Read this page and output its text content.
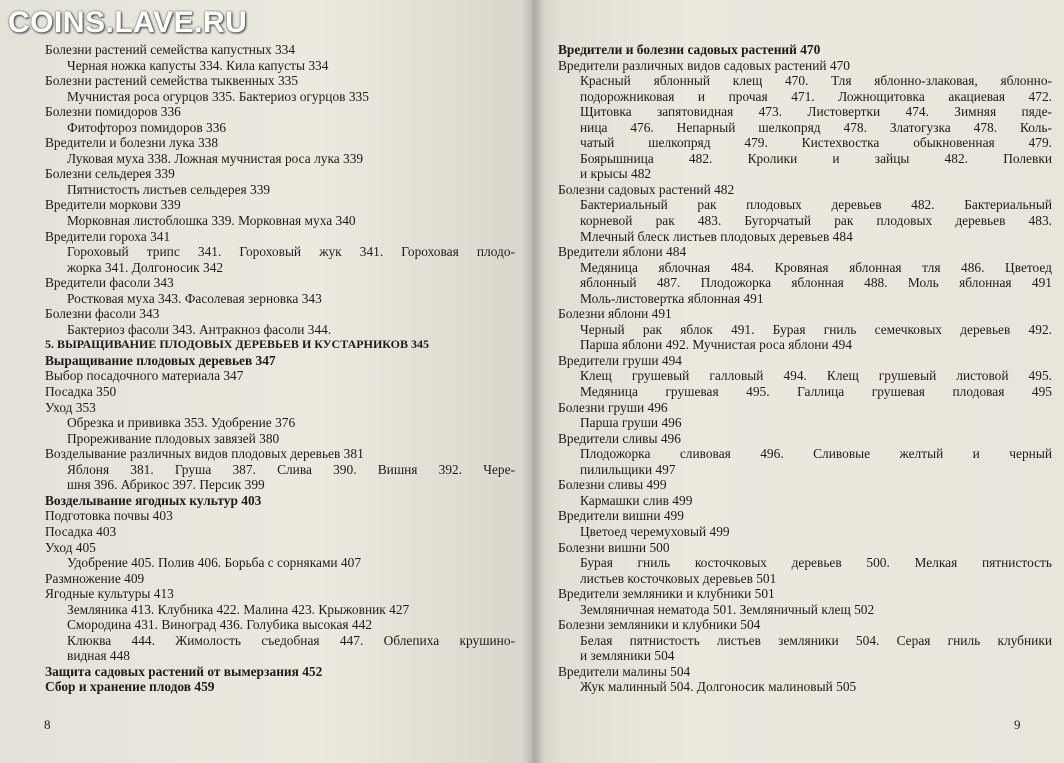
Болезни растений семейства капустных 334
Черная ножка капусты 334. Кила капусты 334
Болезни растений семейства тыквенных 335
Мучнистая роса огурцов 335. Бактериоз огурцов 335
Болезни помидоров 336
Фитофтороз помидоров 336
Вредители и болезни лука 338
Луковая муха 338. Ложная мучнистая роса лука 339
Болезни сельдерея 339
Пятнистость листьев сельдерея 339
Вредители моркови 339
Морковная листоблошка 339. Морковная муха 340
Вредители гороха 341
Гороховый трипс 341. Гороховый жук 341. Гороховая плодо-
жорка 341. Долгоносик 342
Вредители фасоли 343
Ростковая муха 343. Фасолевая зерновка 343
Болезни фасоли 343
Бактериоз фасоли 343. Антракноз фасоли 344.
5. ВЫРАЩИВАНИЕ ПЛОДОВЫХ ДЕРЕВЬЕВ И КУСТАРНИКОВ 345
Выращивание плодовых деревьев 347
Выбор посадочного материала 347
Посадка 350
Уход 353
Обрезка и прививка 353. Удобрение 376
Прореживание плодовых завязей 380
Возделывание различных видов плодовых деревьев 381
Яблоня 381. Груша 387. Слива 390. Вишня 392. Чере-
шня 396. Абрикос 397. Персик 399
Возделывание ягодных культур 403
Подготовка почвы 403
Посадка 403
Уход 405
Удобрение 405. Полив 406. Борьба с сорняками 407
Размножение 409
Ягодные культуры 413
Земляника 413. Клубника 422. Малина 423. Крыжовник 427
Смородина 431. Виноград 436. Голубика высокая 442
Клюква 444. Жимолость съедобная 447. Облепиха крушино-
видная 448
Защита садовых растений от вымерзания 452
Сбор и хранение плодов 459
8
Вредители и болезни садовых растений 470
Вредители различных видов садовых растений 470
Красный яблонный клещ 470. Тля яблонно-злаковая, яблонно-
подорожниковая и прочая 471. Ложнощитовка акациевая 472.
Щитовка запятовидная 473. Листовертки 474. Зимняя пяде-
ница 476. Непарный шелкопряд 478. Златогузка 478. Коль-
чатый шелкопряд 479. Кистехвостка обыкновенная 479.
Боярышница 482. Кролики и зайцы 482. Полевки
и крысы 482
Болезни садовых растений 482
Бактериальный рак плодовых деревьев 482. Бактериальный
корневой рак 483. Бугорчатый рак плодовых деревьев 483.
Млечный блеск листьев плодовых деревьев 484
Вредители яблони 484
Медяница яблочная 484. Кровяная яблонная тля 486. Цветоед
яблонный 487. Плодожорка яблонная 488. Моль яблонная 491
Моль-листовертка яблонная 491
Болезни яблони 491
Черный рак яблок 491. Бурая гниль семечковых деревьев 492.
Парша яблони 492. Мучнистая роса яблони 494
Вредители груши 494
Клещ грушевый галловый 494. Клещ грушевый листовой 495.
Медяница грушевая 495. Галлица грушевая плодовая 495
Болезни груши 496
Парша груши 496
Вредители сливы 496
Плодожорка сливовая 496. Сливовые желтый и черный
пилильщики 497
Болезни сливы 499
Кармашки слив 499
Вредители вишни 499
Цветоед черемуховый 499
Болезни вишни 500
Бурая гниль косточковых деревьев 500. Мелкая пятнистость
листьев косточковых деревьев 501
Вредители земляники и клубники 501
Земляничная нематода 501. Земляничный клещ 502
Болезни земляники и клубники 504
Белая пятнистость листьев земляники 504. Серая гниль клубники
и земляники 504
Вредители малины 504
Жук малинный 504. Долгоносик малиновый 505
9
COINS.LAVE.RU
